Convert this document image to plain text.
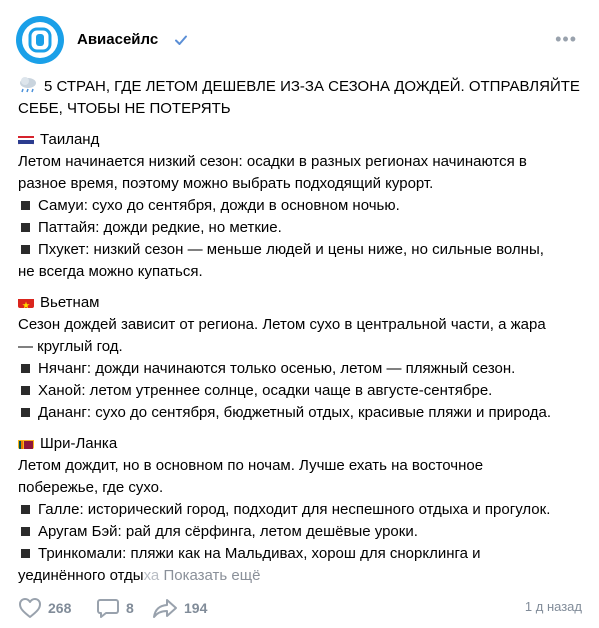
Авиасейлс	•••
5 СТРАН, ГДЕ ЛЕТОМ ДЕШЕВЛЕ ИЗ-ЗА СЕЗОНА ДОЖДЕЙ. ОТПРАВЛЯЙТЕ
СЕБЕ, ЧТОБЫ НЕ ПОТЕРЯТЬ
Таиланд
Летом начинается низкий сезон: осадки в разных регионах начинаются в
разное время, поэтому можно выбрать подходящий курорт.
Самуи: сухо до сентября, дожди в основном ночью.
Паттайя: дожди редкие, но меткие.
Пхукет: низкий сезон — меньше людей и цены ниже, но сильные волны,
не всегда можно купаться.
Вьетнам
Сезон дождей зависит от региона. Летом сухо в центральной части, а жара
— круглый год.
Нячанг: дожди начинаются только осенью, летом — пляжный сезон.
Ханой: летом утреннее солнце, осадки чаще в августе-сентябре.
Дананг: сухо до сентября, бюджетный отдых, красивые пляжи и природа.
Шри-Ланка
Летом дождит, но в основном по ночам. Лучше ехать на восточное
побережье, где сухо.
Галле: исторический город, подходит для неспешного отдыха и прогулок.
Аругам Бэй: рай для сёрфинга, летом дешёвые уроки.
Тринкомали: пляжи как на Мальдивах, хорош для снорклинга и
уединённого отдыха Показать ещё
268	8	194	1 д назад
